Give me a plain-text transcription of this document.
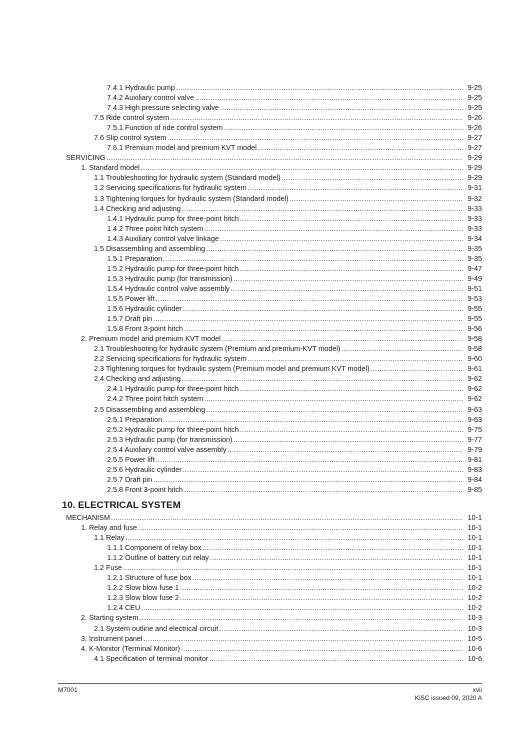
7.4.1 Hydraulic pump .....	9-25
7.4.2 Auxiliary control valve .....	9-25
7.4.3 High pressure selecting valve .....	9-25
7.5 Ride control system .....	9-26
7.5.1 Function of ride control system .....	9-26
7.6 Slip control system .....	9-27
7.6.1 Premium model and premium KVT model .....	9-27
SERVICING .....	9-29
1. Standard model .....	9-29
1.1 Troubleshooting for hydraulic system (Standard model) .....	9-29
1.2 Servicing specifications for hydraulic system .....	9-31
1.3 Tightening torques for hydraulic system (Standard model) .....	9-32
1.4 Checking and adjusting .....	9-33
1.4.1 Hydraulic pump for three-point hitch .....	9-33
1.4.2 Three point hitch system .....	9-33
1.4.3 Auxiliary control valve linkage .....	9-34
1.5 Disassembling and assembling .....	9-35
1.5.1 Preparation .....	9-35
1.5.2 Hydraulic pump for three-point hitch .....	9-47
1.5.3 Hydraulic pump (for transmission) .....	9-49
1.5.4 Hydraulic control valve assembly .....	9-51
1.5.5 Power lift .....	9-53
1.5.6 Hydraulic cylinder .....	9-55
1.5.7 Draft pin .....	9-55
1.5.8 Front 3-point hitch .....	9-56
2. Premium model and premium KVT model .....	9-58
2.1 Troubleshooting for hydraulic system (Premium and premium-KVT model) .....	9-58
2.2 Servicing specifications for hydraulic system .....	9-60
2.3 Tightening torques for hydraulic system (Premium model and premium KVT model) .....	9-61
2.4 Checking and adjusting .....	9-62
2.4.1 Hydraulic pump for three-point hitch .....	9-62
2.4.2 Three point hitch system .....	9-62
2.5 Disassembling and assembling .....	9-63
2.5.1 Preparation .....	9-63
2.5.2 Hydraulic pump for three-point hitch .....	9-75
2.5.3 Hydraulic pump (for transmission) .....	9-77
2.5.4 Auxiliary control valve assembly .....	9-79
2.5.5 Power lift .....	9-81
2.5.6 Hydraulic cylinder .....	9-83
2.5.7 Draft pin .....	9-84
2.5.8 Front 3-point hitch .....	9-85
10. ELECTRICAL SYSTEM
MECHANISM .....	10-1
1. Relay and fuse .....	10-1
1.1 Relay .....	10-1
1.1.1 Component of relay box .....	10-1
1.1.2 Outline of battery cut relay .....	10-1
1.2 Fuse .....	10-1
1.2.1 Structure of fuse box .....	10-1
1.2.2 Slow blow fuse 1 .....	10-2
1.2.3 Slow blow fuse 2 .....	10-2
1.2.4 CEU .....	10-2
2. Starting system .....	10-3
2.1 System outline and electrical circuit .....	10-3
3. Instrument panel .....	10-5
4. K-Monitor (Terminal Monitor) .....	10-6
4.1 Specification of terminal monitor .....	10-6
M7001	xvii
KiSC issued 09, 2020 A
